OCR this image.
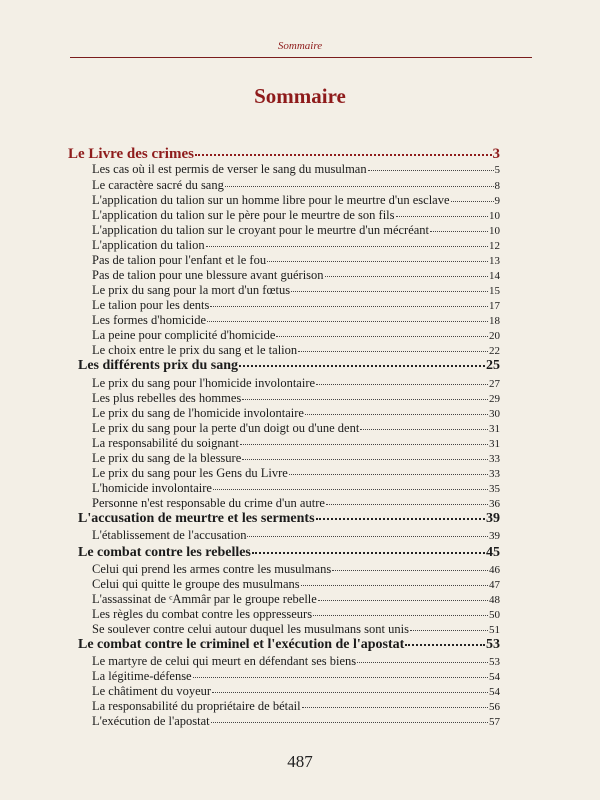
Sommaire
Sommaire
Le Livre des crimes	3
Les cas où il est permis de verser le sang du musulman	5
Le caractère sacré du sang	8
L'application du talion sur un homme libre pour le meurtre d'un esclave	9
L'application du talion sur le père pour le meurtre de son fils	10
L'application du talion sur le croyant pour le meurtre d'un mécréant	10
L'application du talion	12
Pas de talion pour l'enfant et le fou	13
Pas de talion pour une blessure avant guérison	14
Le prix du sang pour la mort d'un fœtus	15
Le talion pour les dents	17
Les formes d'homicide	18
La peine pour complicité d'homicide	20
Le choix entre le prix du sang et le talion	22
Les différents prix du sang	25
Le prix du sang pour l'homicide involontaire	27
Les plus rebelles des hommes	29
Le prix du sang de l'homicide involontaire	30
Le prix du sang pour la perte d'un doigt ou d'une dent	31
La responsabilité du soignant	31
Le prix du sang de la blessure	33
Le prix du sang pour les Gens du Livre	33
L'homicide involontaire	35
Personne n'est responsable du crime d'un autre	36
L'accusation de meurtre et les serments	39
L'établissement de l'accusation	39
Le combat contre les rebelles	45
Celui qui prend les armes contre les musulmans	46
Celui qui quitte le groupe des musulmans	47
L'assassinat de ᶜAmmâr par le groupe rebelle	48
Les règles du combat contre les oppresseurs	50
Se soulever contre celui autour duquel les musulmans sont unis	51
Le combat contre le criminel et l'exécution de l'apostat	53
Le martyre de celui qui meurt en défendant ses biens	53
La légitime-défense	54
Le châtiment du voyeur	54
La responsabilité du propriétaire de bétail	56
L'exécution de l'apostat	57
487
